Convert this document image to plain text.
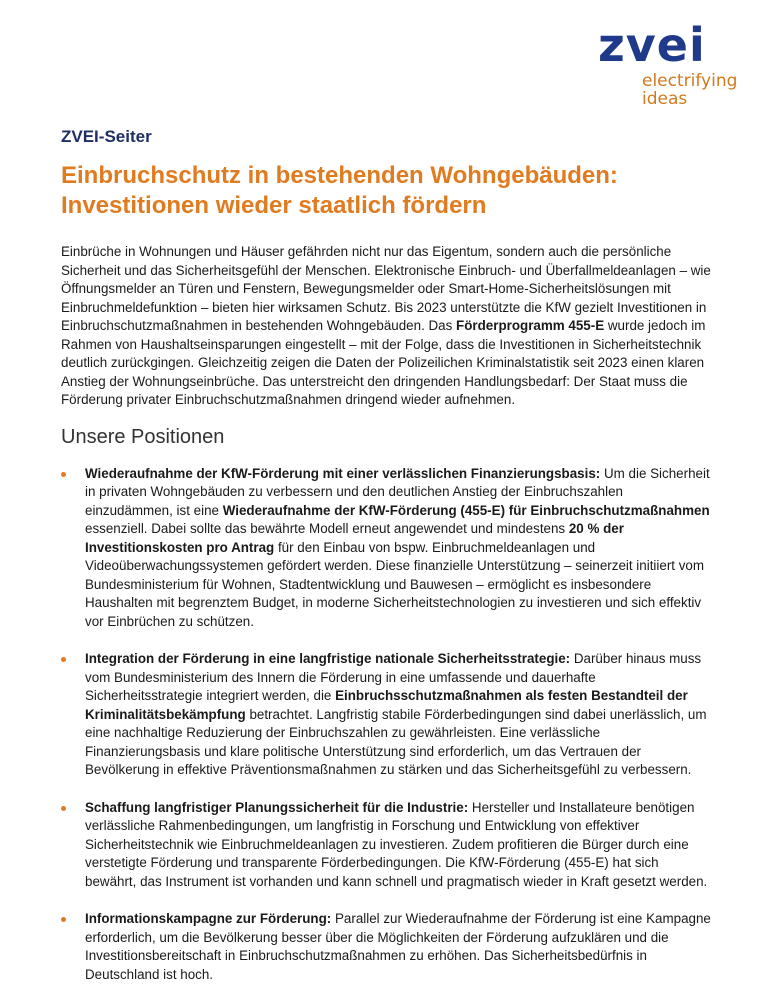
zvei
electrifying
ideas
ZVEI-Seiter
Einbruchschutz in bestehenden Wohngebäuden:
Investitionen wieder staatlich fördern

Einbrüche in Wohnungen und Häuser gefährden nicht nur das Eigentum, sondern auch die persönliche Sicherheit und das Sicherheitsgefühl der Menschen. Elektronische Einbruch- und Überfallmeldeanlagen – wie Öffnungsmelder an Türen und Fenstern, Bewegungsmelder oder Smart-Home-Sicherheitslösungen mit Einbruchmeldefunktion – bieten hier wirksamen Schutz. Bis 2023 unterstützte die KfW gezielt Investitionen in Einbruchschutzmaßnahmen in bestehenden Wohngebäuden. Das Förderprogramm 455-E wurde jedoch im Rahmen von Haushaltseinsparungen eingestellt – mit der Folge, dass die Investitionen in Sicherheitstechnik deutlich zurückgingen. Gleichzeitig zeigen die Daten der Polizeilichen Kriminalstatistik seit 2023 einen klaren Anstieg der Wohnungseinbrüche. Das unterstreicht den dringenden Handlungsbedarf: Der Staat muss die Förderung privater Einbruchschutzmaßnahmen dringend wieder aufnehmen.

Unsere Positionen
Wiederaufnahme der KfW-Förderung mit einer verlässlichen Finanzierungsbasis: Um die Sicherheit in privaten Wohngebäuden zu verbessern und den deutlichen Anstieg der Einbruchszahlen einzudämmen, ist eine Wiederaufnahme der KfW-Förderung (455-E) für Einbruchschutzmaßnahmen essenziell. Dabei sollte das bewährte Modell erneut angewendet und mindestens 20 % der Investitionskosten pro Antrag für den Einbau von bspw. Einbruchmeldeanlagen und Videoüberwachungssystemen gefördert werden. Diese finanzielle Unterstützung – seinerzeit initiiert vom Bundesministerium für Wohnen, Stadtentwicklung und Bauwesen – ermöglicht es insbesondere Haushalten mit begrenztem Budget, in moderne Sicherheitstechnologien zu investieren und sich effektiv vor Einbrüchen zu schützen.
Integration der Förderung in eine langfristige nationale Sicherheitsstrategie: Darüber hinaus muss vom Bundesministerium des Innern die Förderung in eine umfassende und dauerhafte Sicherheitsstrategie integriert werden, die Einbruchsschutzmaßnahmen als festen Bestandteil der Kriminalitätsbekämpfung betrachtet. Langfristig stabile Förderbedingungen sind dabei unerlässlich, um eine nachhaltige Reduzierung der Einbruchszahlen zu gewährleisten. Eine verlässliche Finanzierungsbasis und klare politische Unterstützung sind erforderlich, um das Vertrauen der Bevölkerung in effektive Präventionsmaßnahmen zu stärken und das Sicherheitsgefühl zu verbessern.
Schaffung langfristiger Planungssicherheit für die Industrie: Hersteller und Installateure benötigen verlässliche Rahmenbedingungen, um langfristig in Forschung und Entwicklung von effektiver Sicherheitstechnik wie Einbruchmeldeanlagen zu investieren. Zudem profitieren die Bürger durch eine verstetigte Förderung und transparente Förderbedingungen. Die KfW-Förderung (455-E) hat sich bewährt, das Instrument ist vorhanden und kann schnell und pragmatisch wieder in Kraft gesetzt werden.
Informationskampagne zur Förderung: Parallel zur Wiederaufnahme der Förderung ist eine Kampagne erforderlich, um die Bevölkerung besser über die Möglichkeiten der Förderung aufzuklären und die Investitionsbereitschaft in Einbruchschutzmaßnahmen zu erhöhen. Das Sicherheitsbedürfnis in Deutschland ist hoch.
